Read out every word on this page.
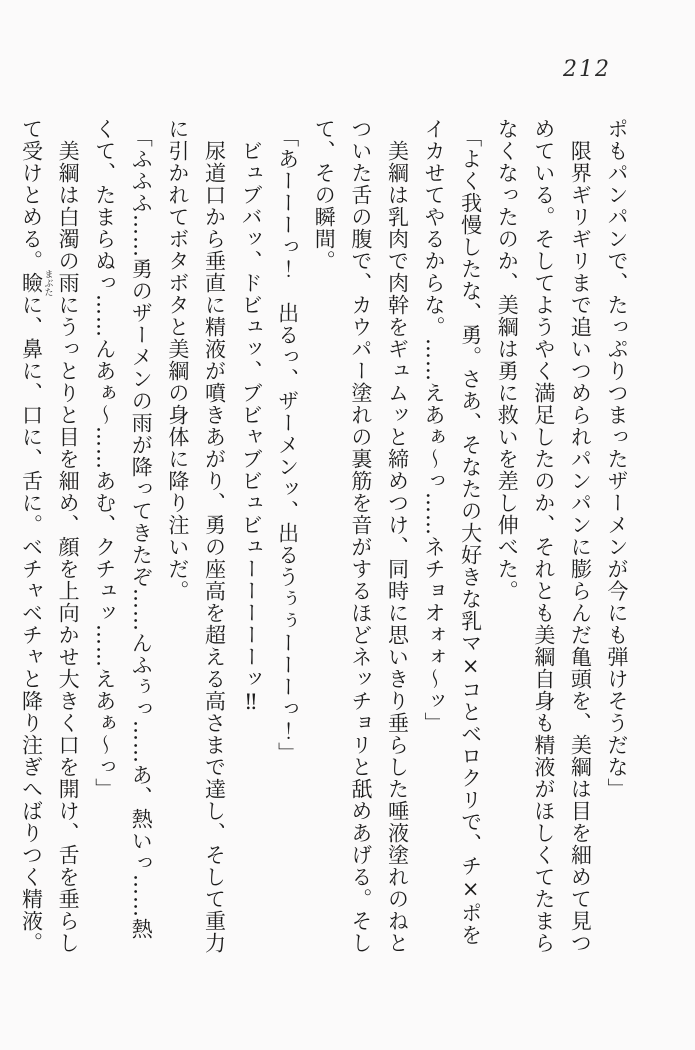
212

ポもパンパンで、たっぷりつまったザーメンが今にも弾けそうだな」

限界ギリギリまで追いつめられパンパンに膨らんだ亀頭を、美綱は目を細めて見つめている。そしてようやく満足したのか、それとも美綱自身も精液がほしくてたまらなくなったのか、美綱は勇に救いを差し伸べた。

「よく我慢したな、勇。さあ、そなたの大好きな乳マ×コとベロクリで、チ×ポをイカせてやるからな。……えあぁ〜っ……ネチョオォォ〜ッ」

美綱は乳肉で肉幹をギュムッと締めつけ、同時に思いきり垂らした唾液塗れのねとついた舌の腹で、カウパー塗れの裏筋を音がするほどネッチョリと舐めあげる。そして、その瞬間。

「あーーーっ！　出るっ、ザーメンッ、出るうぅぅーーーっ！」

ビュブバッ、ドビュッ、ブビャブビュビューーーーーッ‼

尿道口から垂直に精液が噴きあがり、勇の座高を超える高さまで達し、そして重力に引かれてボタボタと美綱の身体に降り注いだ。

「ふふふ……勇のザーメンの雨が降ってきたぞ……んふぅっ……あ、熱いっ……熱くて、たまらぬっ……んあぁ〜……あむ、クチュッ……えあぁ〜っ」

美綱は白濁の雨にうっとりと目を細め、顔を上向かせ大きく口を開け、舌を垂らして受けとめる。瞼 まぶたに、鼻に、口に、舌に。ベチャベチャと降り注ぎへばりつく精液。
